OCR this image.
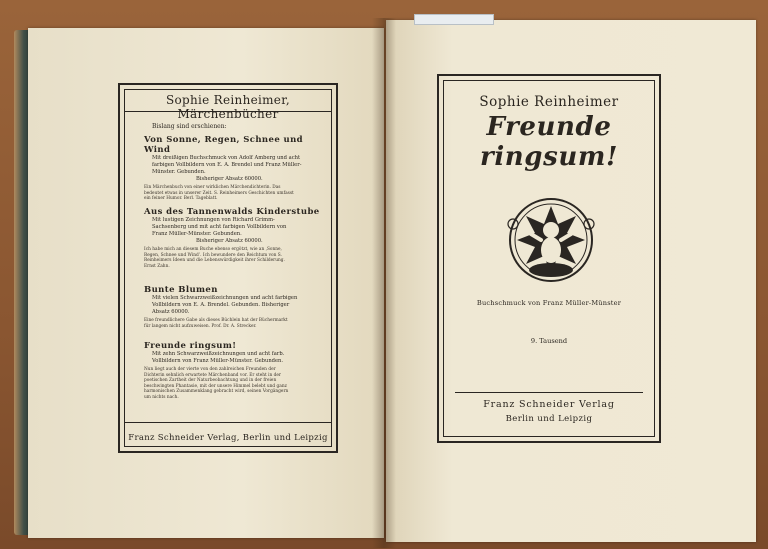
Sophie Reinheimer, Märchenbücher
Bislang sind erschienen:
Von Sonne, Regen, Schnee und Wind
Mit dreißigen Buchschmuck von Adolf Amberg und acht farbigen Vollbildern von E. A. Brendel und Franz Müller-Münster. Gebunden.
Bisheriger Absatz 60000.
Ein Märchenbuch von einer wirklichen Märchendichterin. Das bedeutet etwas in unserer Zeit. S. Reinheimers Geschichten umfasst ein feiner Humor. Berl. Tageblatt.
Aus des Tannenwalds Kinderstube
Mit lustigen Zeichnungen von Richard Grimm-Sachsenberg und mit acht farbigen Vollbildern von Franz Müller-Münster. Gebunden.
Bisheriger Absatz 60000.
Ich habe mich an diesem Buche ebenso ergötzt, wie an ‚Sonne, Regen, Schnee und Wind‘. Ich bewundere den Reichtum von S. Reinheimers Ideen und die Lebenswürdigkeit ihrer Schilderung. Ernst Zahn.
Bunte Blumen
Mit vielen Schwarzweißzeichnungen und acht farbigen Vollbildern von E. A. Brendel. Gebunden. Bisheriger Absatz 60000.
Eine freundlichere Gabe als dieses Büchlein hat der Büchermarkt für langem nicht aufzuweisen. Prof. Dr. A. Strecker.
Freunde ringsum!
Mit zehn Schwarzweißzeichnungen und acht farb. Vollbildern von Franz Müller-Münster. Gebunden.
Nun liegt auch der vierte von den zahlreichen Freunden der Dichterin sehnlich erwartete Märchenband vor. Er steht in der poetischen Zartheit der Naturbeobachtung und in der freien beschwingten Phantasie, mit der unsere Himmel belebt und ganz harmonischen Zusammenklang gebracht wird, seinen Vorgängern um nichts nach.
Franz Schneider Verlag, Berlin und Leipzig
Sophie Reinheimer
Freunde ringsum!
Buchschmuck von Franz Müller-Münster
9. Tausend
Franz Schneider Verlag
Berlin und Leipzig
